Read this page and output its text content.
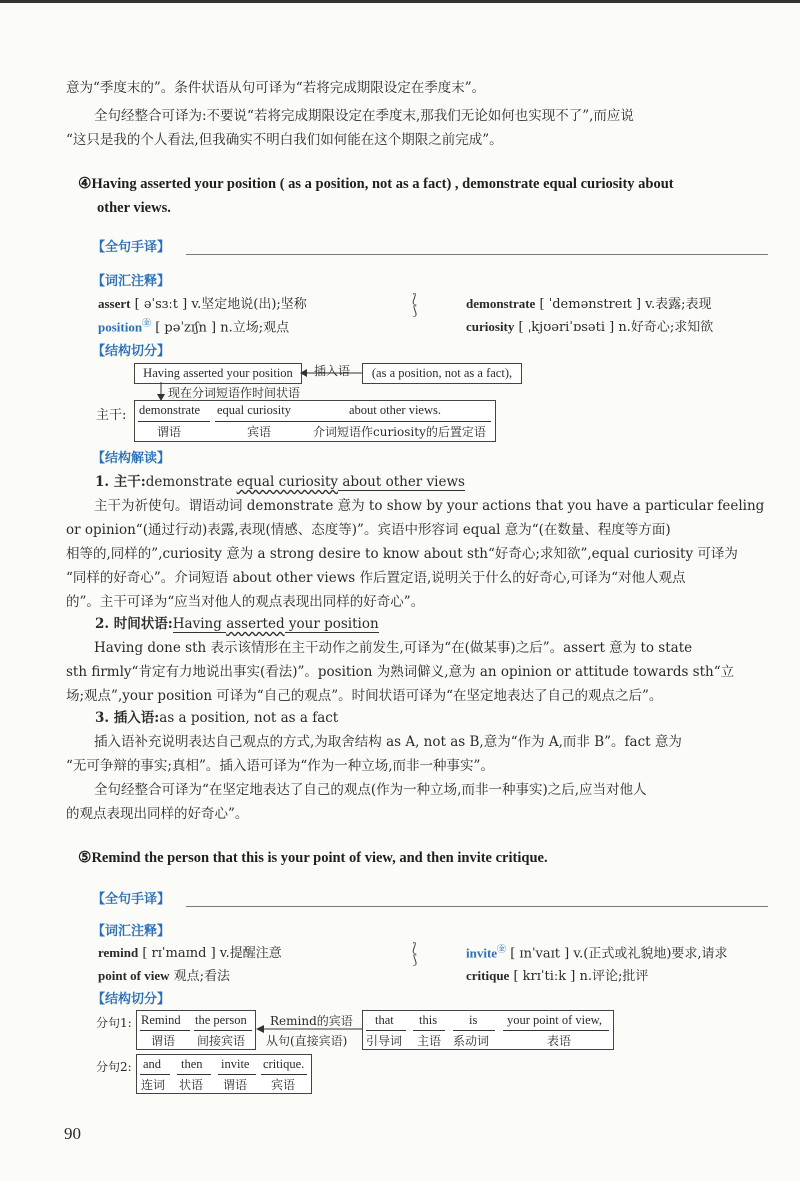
意为“季度末的”。条件状语从句可译为“若将完成期限设定在季度末”。
全句经整合可译为:不要说“若将完成期限设定在季度末,那我们无论如何也实现不了”,而应说
“这只是我的个人看法,但我确实不明白我们如何能在这个期限之前完成”。
④Having asserted your position ( as a position, not as a fact) , demonstrate equal curiosity about
other views.
【全句手译】
【词汇注释】
assert [ əˈsɜːt ] v.坚定地说(出);坚称
position㊎ [ pəˈzɪʃn ] n.立场;观点
⟅
⟆
demonstrate [ ˈdemənstreɪt ] v.表露;表现
curiosity [ ˌkjʊəriˈɒsəti ] n.好奇心;求知欲
【结构切分】
Having asserted your position	插入语	(as a position, not as a fact),
现在分词短语作时间状语
主干: demonstrate
谓语
equal curiosity
宾语
about other views.
介词短语作curiosity的后置定语
【结构解读】
1. 主干:demonstrate equal curiosity about other views
主干为祈使句。谓语动词 demonstrate 意为 to show by your actions that you have a particular feeling
or opinion“(通过行动)表露,表现(情感、态度等)”。宾语中形容词 equal 意为“(在数量、程度等方面)
相等的,同样的”,curiosity 意为 a strong desire to know about sth“好奇心;求知欲”,equal curiosity 可译为
“同样的好奇心”。介词短语 about other views 作后置定语,说明关于什么的好奇心,可译为“对他人观点
的”。主干可译为“应当对他人的观点表现出同样的好奇心”。
2. 时间状语:Having asserted your position
Having done sth 表示该情形在主干动作之前发生,可译为“在(做某事)之后”。assert 意为 to state
sth firmly“肯定有力地说出事实(看法)”。position 为熟词僻义,意为 an opinion or attitude towards sth“立
场;观点”,your position 可译为“自己的观点”。时间状语可译为“在坚定地表达了自己的观点之后”。
3. 插入语:as a position, not as a fact
插入语补充说明表达自己观点的方式,为取舍结构 as A, not as B,意为“作为 A,而非 B”。fact 意为
“无可争辩的事实;真相”。插入语可译为“作为一种立场,而非一种事实”。
全句经整合可译为“在坚定地表达了自己的观点(作为一种立场,而非一种事实)之后,应当对他人
的观点表现出同样的好奇心”。
⑤Remind the person that this is your point of view, and then invite critique.
【全句手译】
【词汇注释】
remind [ rɪˈmaɪnd ] v.提醒注意
point of view 观点;看法
⟅
⟆
invite㊎ [ ɪnˈvaɪt ] v.(正式或礼貌地)要求,请求
critique [ krɪˈtiːk ] n.评论;批评
【结构切分】
分句1: Remind
谓语
the person
间接宾语
Remind的宾语
从句(直接宾语)
that
引导词
this
主语
is
系动词
your point of view,
表语
分句2: and
连词
then
状语
invite
谓语
critique.
宾语
90
